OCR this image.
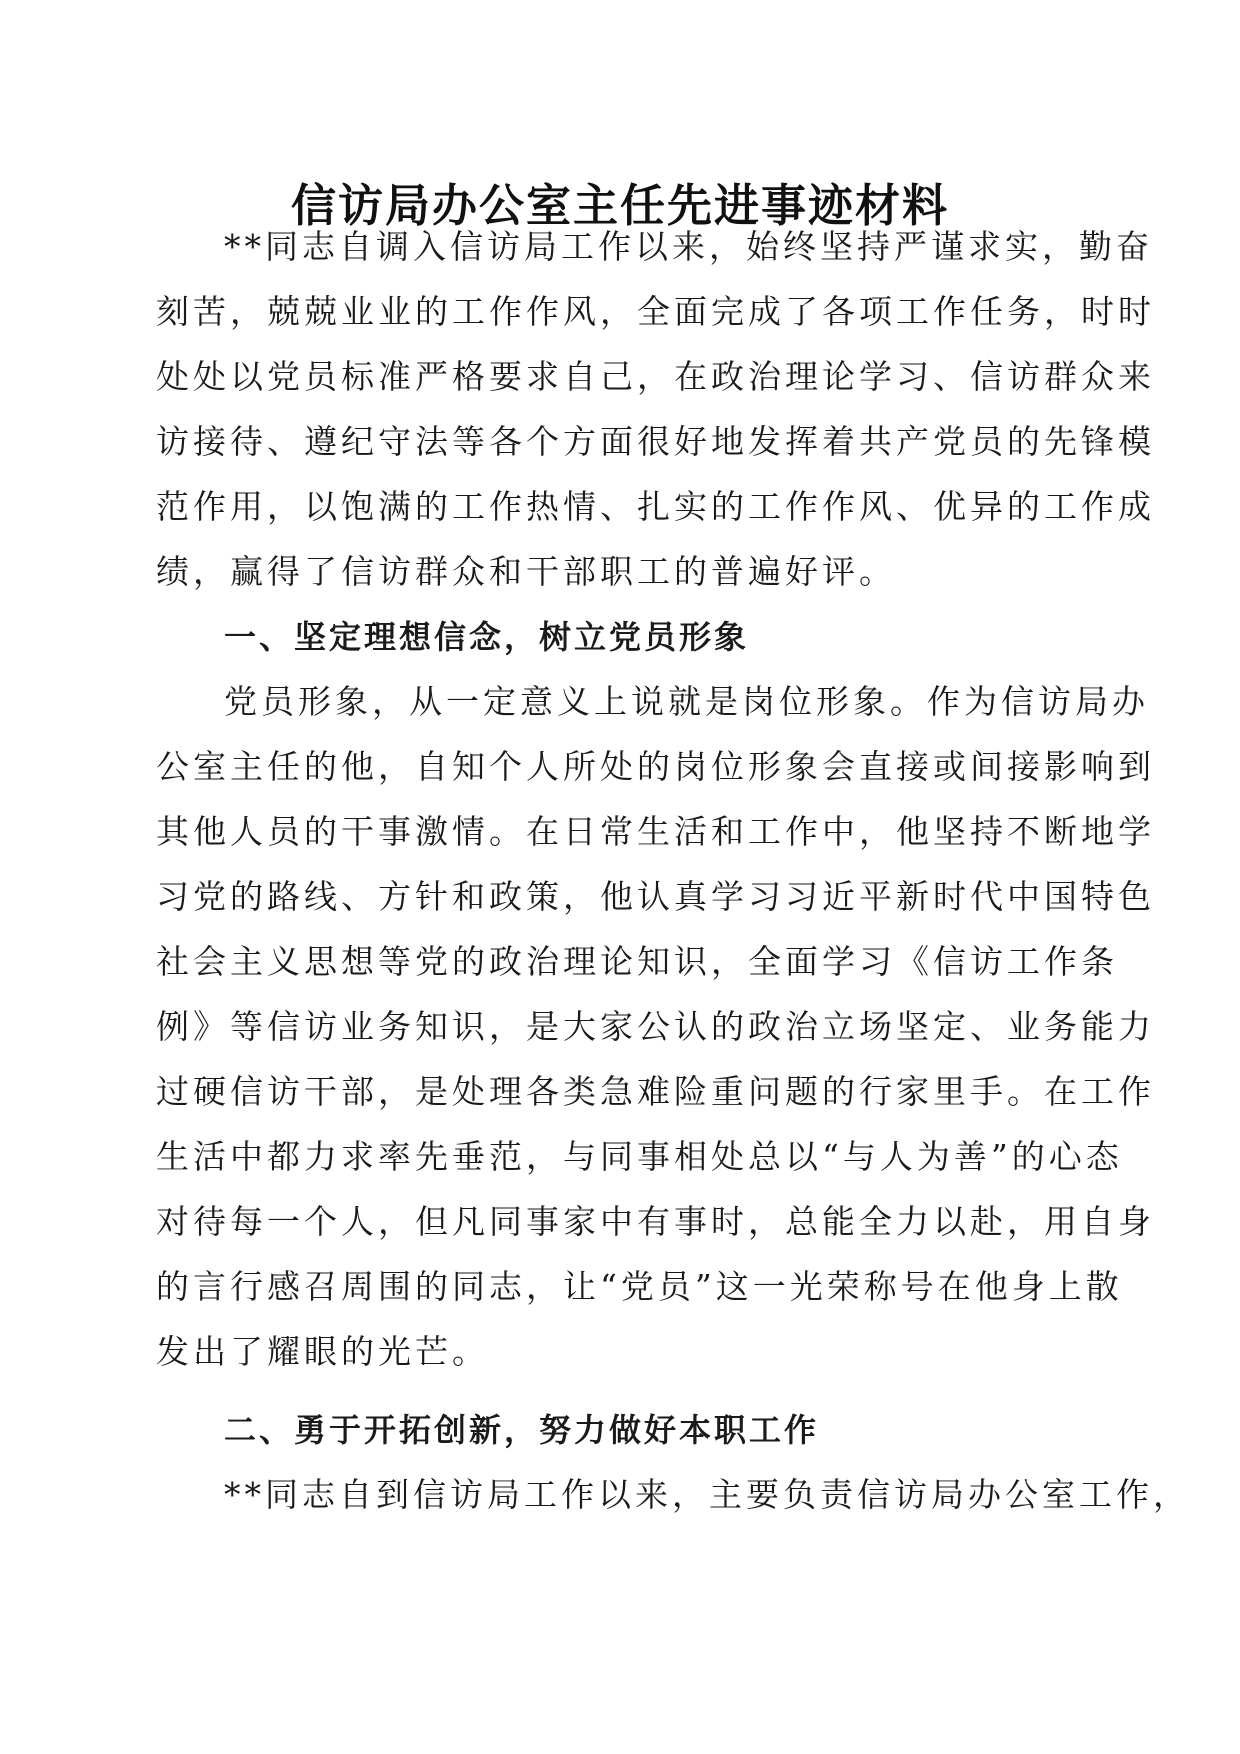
信访局办公室主任先进事迹材料

**同志自调入信访局工作以来，始终坚持严谨求实，勤奋

刻苦，兢兢业业的工作作风，全面完成了各项工作任务，时时

处处以党员标准严格要求自己，在政治理论学习、信访群众来

访接待、遵纪守法等各个方面很好地发挥着共产党员的先锋模

范作用，以饱满的工作热情、扎实的工作作风、优异的工作成

绩，赢得了信访群众和干部职工的普遍好评。

一、坚定理想信念，树立党员形象

党员形象，从一定意义上说就是岗位形象。作为信访局办

公室主任的他，自知个人所处的岗位形象会直接或间接影响到

其他人员的干事激情。在日常生活和工作中，他坚持不断地学

习党的路线、方针和政策，他认真学习习近平新时代中国特色

社会主义思想等党的政治理论知识，全面学习《信访工作条

例》等信访业务知识，是大家公认的政治立场坚定、业务能力

过硬信访干部，是处理各类急难险重问题的行家里手。在工作

生活中都力求率先垂范，与同事相处总以“与人为善”的心态

对待每一个人，但凡同事家中有事时，总能全力以赴，用自身

的言行感召周围的同志，让“党员”这一光荣称号在他身上散

发出了耀眼的光芒。

二、勇于开拓创新，努力做好本职工作

**同志自到信访局工作以来，主要负责信访局办公室工作，
